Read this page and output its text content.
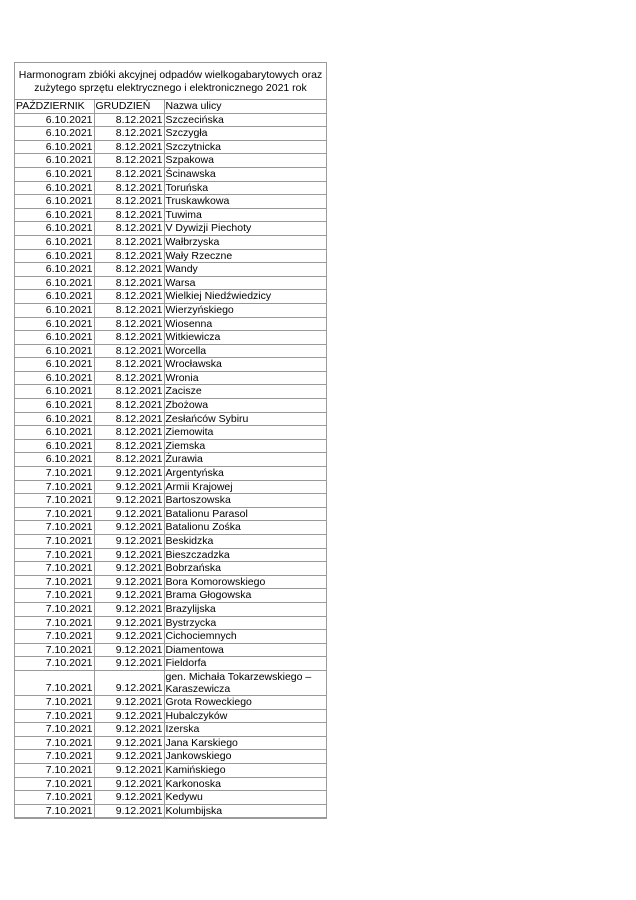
Harmonogram zbióki akcyjnej odpadów wielkogabarytowych oraz
zużytego sprzętu elektrycznego i elektronicznego 2021 rok
PAŹDZIERNIK	GRUDZIEŃ	Nazwa ulicy
6.10.2021	8.12.2021	Szczecińska
6.10.2021	8.12.2021	Szczygła
6.10.2021	8.12.2021	Szczytnicka
6.10.2021	8.12.2021	Szpakowa
6.10.2021	8.12.2021	Ścinawska
6.10.2021	8.12.2021	Toruńska
6.10.2021	8.12.2021	Truskawkowa
6.10.2021	8.12.2021	Tuwima
6.10.2021	8.12.2021	V Dywizji Piechoty
6.10.2021	8.12.2021	Wałbrzyska
6.10.2021	8.12.2021	Wały Rzeczne
6.10.2021	8.12.2021	Wandy
6.10.2021	8.12.2021	Warsa
6.10.2021	8.12.2021	Wielkiej Niedźwiedzicy
6.10.2021	8.12.2021	Wierzyńskiego
6.10.2021	8.12.2021	Wiosenna
6.10.2021	8.12.2021	Witkiewicza
6.10.2021	8.12.2021	Worcella
6.10.2021	8.12.2021	Wrocławska
6.10.2021	8.12.2021	Wronia
6.10.2021	8.12.2021	Zacisze
6.10.2021	8.12.2021	Zbożowa
6.10.2021	8.12.2021	Zesłańców Sybiru
6.10.2021	8.12.2021	Ziemowita
6.10.2021	8.12.2021	Ziemska
6.10.2021	8.12.2021	Żurawia
7.10.2021	9.12.2021	Argentyńska
7.10.2021	9.12.2021	Armii Krajowej
7.10.2021	9.12.2021	Bartoszowska
7.10.2021	9.12.2021	Batalionu Parasol
7.10.2021	9.12.2021	Batalionu Zośka
7.10.2021	9.12.2021	Beskidzka
7.10.2021	9.12.2021	Bieszczadzka
7.10.2021	9.12.2021	Bobrzańska
7.10.2021	9.12.2021	Bora Komorowskiego
7.10.2021	9.12.2021	Brama Głogowska
7.10.2021	9.12.2021	Brazylijska
7.10.2021	9.12.2021	Bystrzycka
7.10.2021	9.12.2021	Cichociemnych
7.10.2021	9.12.2021	Diamentowa
7.10.2021	9.12.2021	Fieldorfa
7.10.2021	9.12.2021	gen. Michała Tokarzewskiego –
Karaszewicza

7.10.2021	9.12.2021	Grota Roweckiego
7.10.2021	9.12.2021	Hubalczyków
7.10.2021	9.12.2021	Izerska
7.10.2021	9.12.2021	Jana Karskiego
7.10.2021	9.12.2021	Jankowskiego
7.10.2021	9.12.2021	Kamińskiego
7.10.2021	9.12.2021	Karkonoska
7.10.2021	9.12.2021	Kedywu
7.10.2021	9.12.2021	Kolumbijska
